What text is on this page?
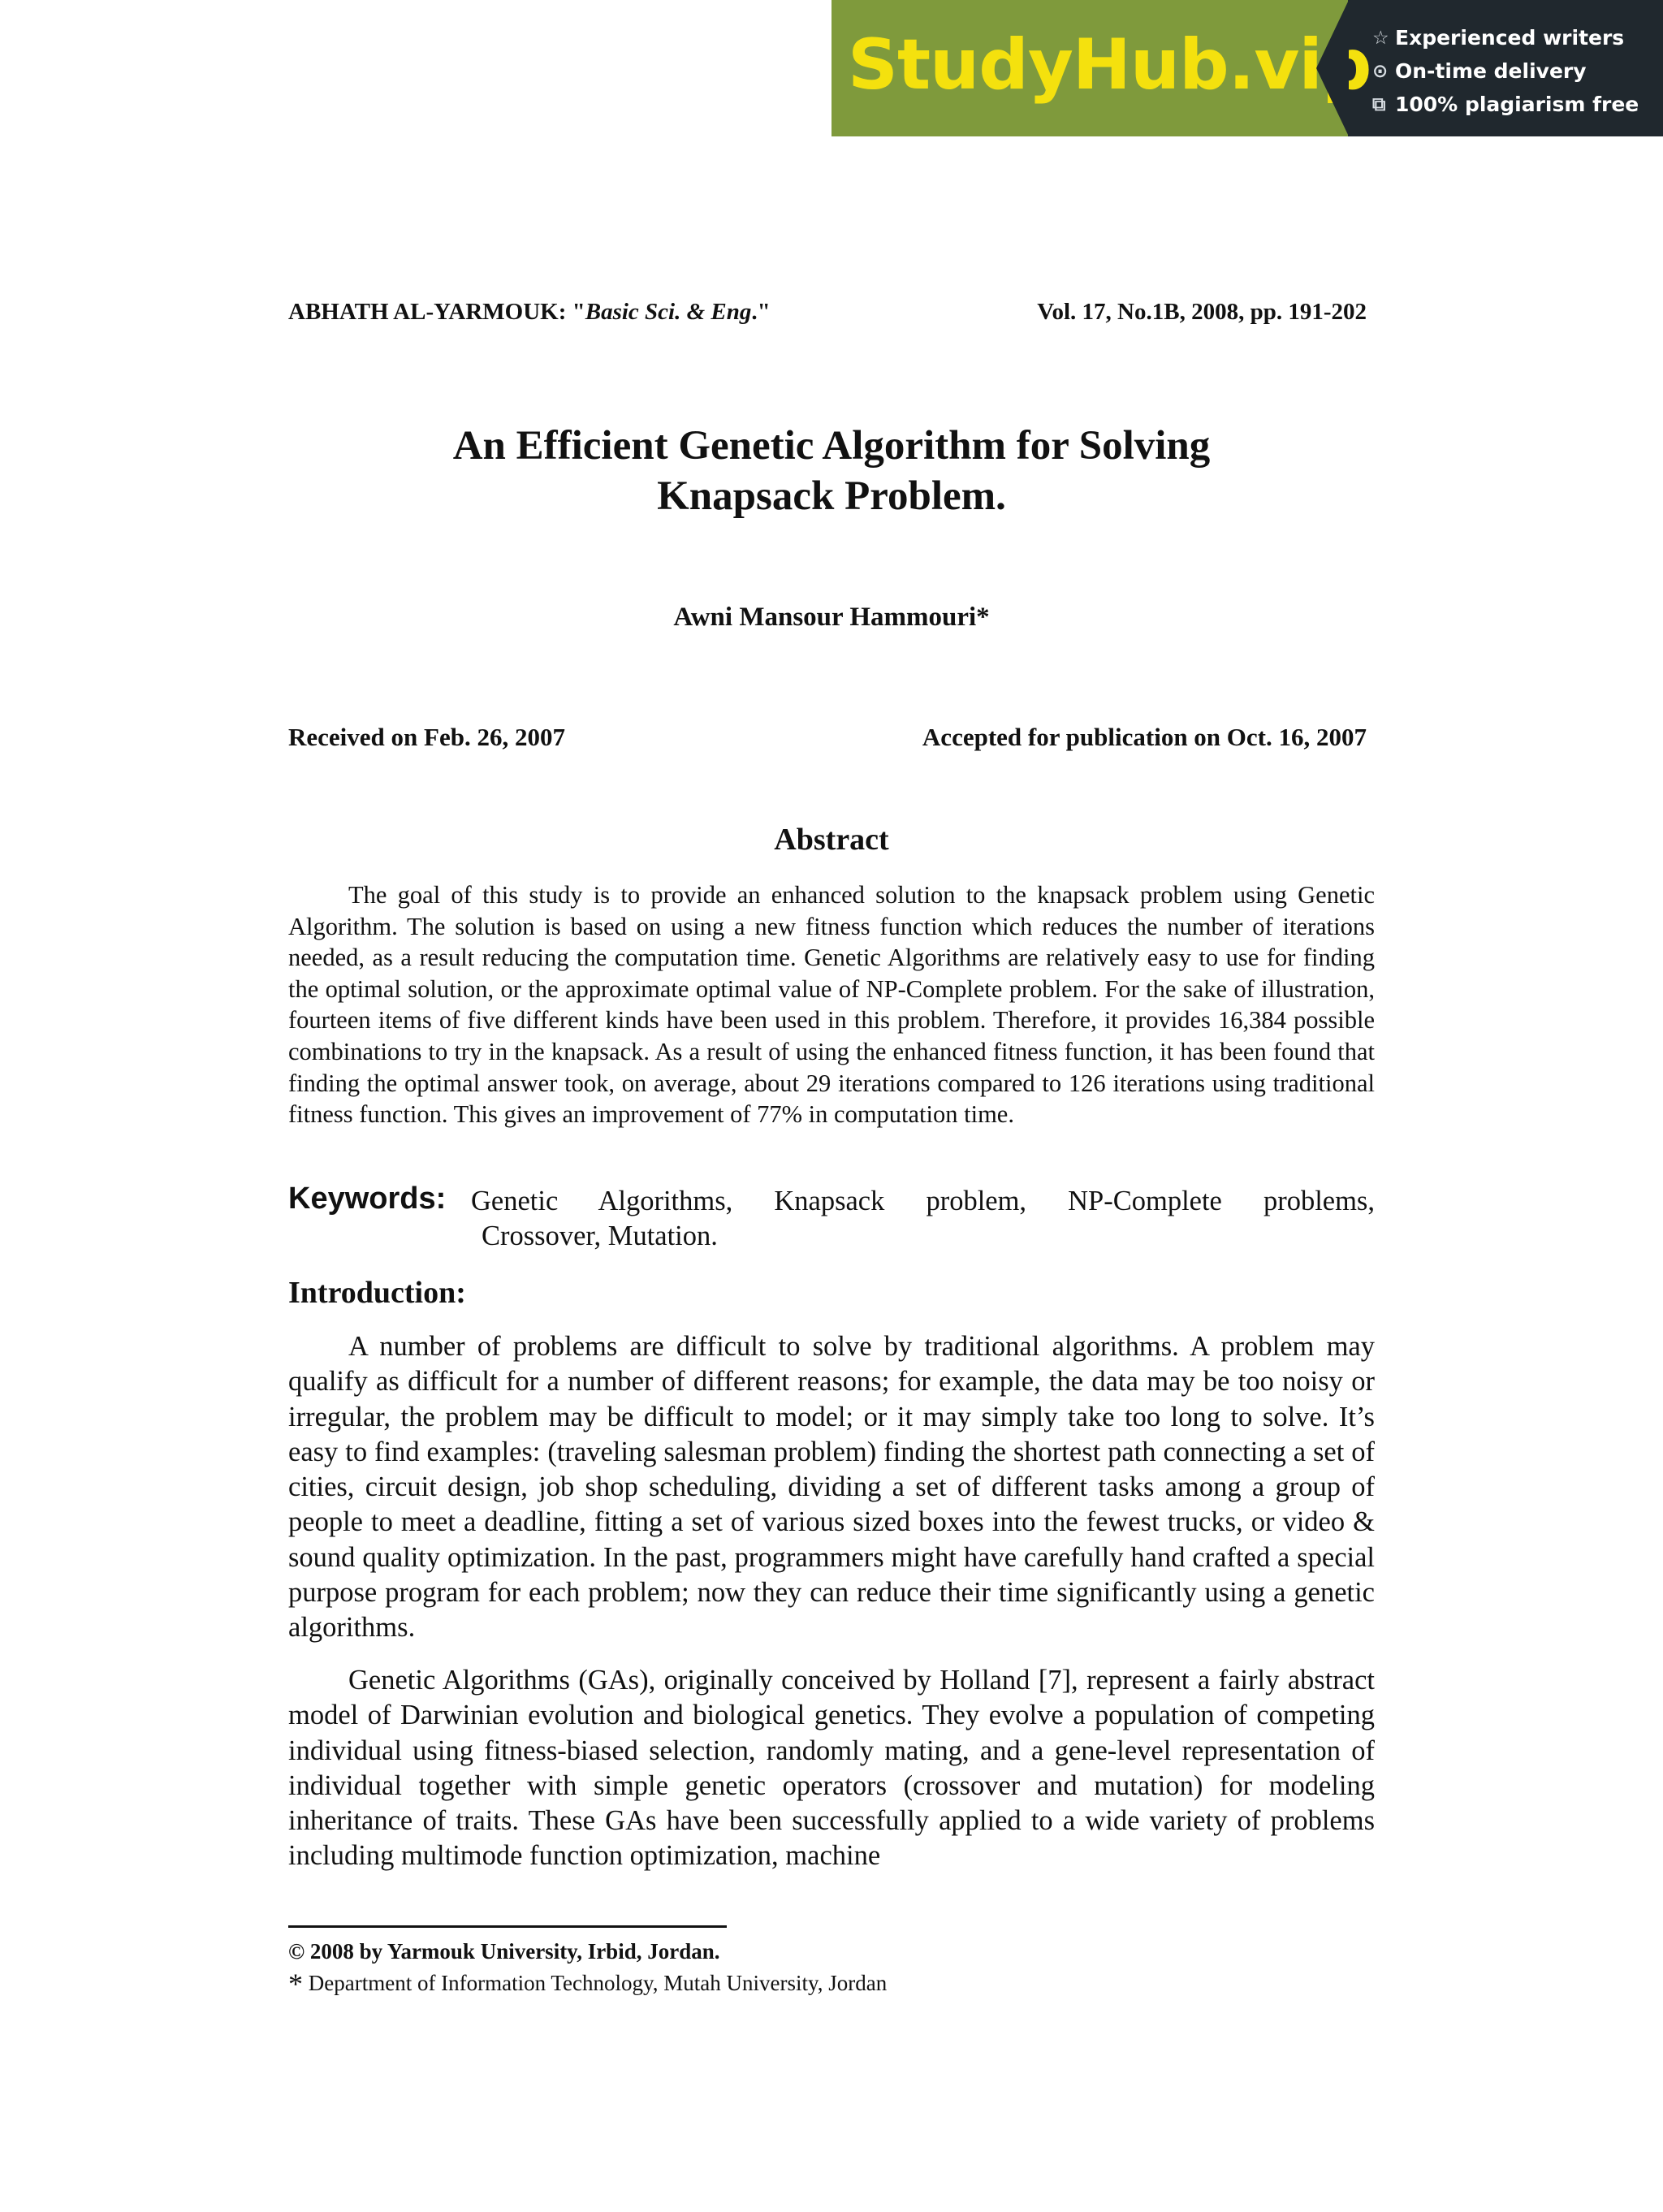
StudyHub.vip ☆ Experienced writers
⊙ On-time delivery
⧉ 100% plagiarism free
ABHATH AL-YARMOUK: "Basic Sci. & Eng."	Vol. 17, No.1B, 2008, pp. 191-202
An Efficient Genetic Algorithm for Solving
Knapsack Problem.
Awni Mansour Hammouri*
Received on Feb. 26, 2007	Accepted for publication on Oct. 16, 2007
Abstract

The goal of this study is to provide an enhanced solution to the knapsack problem using Genetic Algorithm. The solution is based on using a new fitness function which reduces the number of iterations needed, as a result reducing the computation time. Genetic Algorithms are relatively easy to use for finding the optimal solution, or the approximate optimal value of NP-Complete problem. For the sake of illustration, fourteen items of five different kinds have been used in this problem. Therefore, it provides 16,384 possible combinations to try in the knapsack. As a result of using the enhanced fitness function, it has been found that finding the optimal answer took, on average, about 29 iterations compared to 126 iterations using traditional fitness function. This gives an improvement of 77% in computation time.

Keywords: Genetic Algorithms, Knapsack problem, NP-Complete problems,
Crossover, Mutation.
Introduction:

A number of problems are difficult to solve by traditional algorithms. A problem may qualify as difficult for a number of different reasons; for example, the data may be too noisy or irregular, the problem may be difficult to model; or it may simply take too long to solve. It’s easy to find examples: (traveling salesman problem) finding the shortest path connecting a set of cities, circuit design, job shop scheduling, dividing a set of different tasks among a group of people to meet a deadline, fitting a set of various sized boxes into the fewest trucks, or video & sound quality optimization. In the past, programmers might have carefully hand crafted a special purpose program for each problem; now they can reduce their time significantly using a genetic algorithms.

Genetic Algorithms (GAs), originally conceived by Holland [7], represent a fairly abstract model of Darwinian evolution and biological genetics. They evolve a population of competing individual using fitness-biased selection, randomly mating, and a gene-level representation of individual together with simple genetic operators (crossover and mutation) for modeling inheritance of traits. These GAs have been successfully applied to a wide variety of problems including multimode function optimization, machine

© 2008 by Yarmouk University, Irbid, Jordan.
* Department of Information Technology, Mutah University, Jordan
